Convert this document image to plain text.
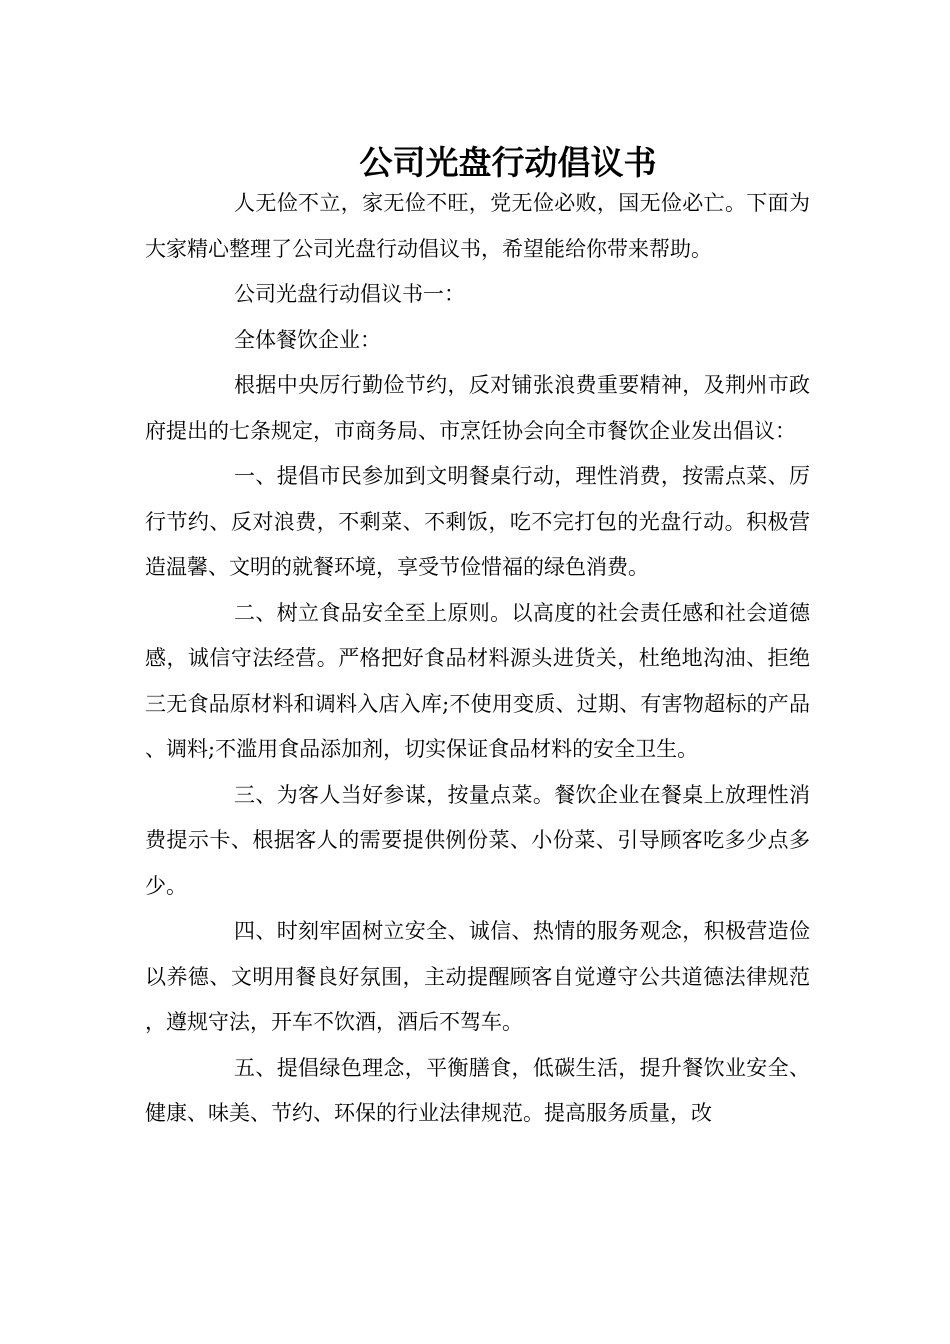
公司光盘行动倡议书

人无俭不立，家无俭不旺，党无俭必败，国无俭必亡。下面为大家精心整理了公司光盘行动倡议书，希望能给你带来帮助。

公司光盘行动倡议书一：

全体餐饮企业：

根据中央厉行勤俭节约，反对铺张浪费重要精神，及荆州市政府提出的七条规定，市商务局、市烹饪协会向全市餐饮企业发出倡议：

一、提倡市民参加到文明餐桌行动，理性消费，按需点菜、厉行节约、反对浪费，不剩菜、不剩饭，吃不完打包的光盘行动。积极营造温馨、文明的就餐环境，享受节俭惜福的绿色消费。

二、树立食品安全至上原则。以高度的社会责任感和社会道德感，诚信守法经营。严格把好食品材料源头进货关，杜绝地沟油、拒绝三无食品原材料和调料入店入库;不使用变质、过期、有害物超标的产品、调料;不滥用食品添加剂，切实保证食品材料的安全卫生。

三、为客人当好参谋，按量点菜。餐饮企业在餐桌上放理性消费提示卡、根据客人的需要提供例份菜、小份菜、引导顾客吃多少点多少。

四、时刻牢固树立安全、诚信、热情的服务观念，积极营造俭以养德、文明用餐良好氛围，主动提醒顾客自觉遵守公共道德法律规范，遵规守法，开车不饮酒，酒后不驾车。

五、提倡绿色理念，平衡膳食，低碳生活，提升餐饮业安全、健康、味美、节约、环保的行业法律规范。提高服务质量，改
